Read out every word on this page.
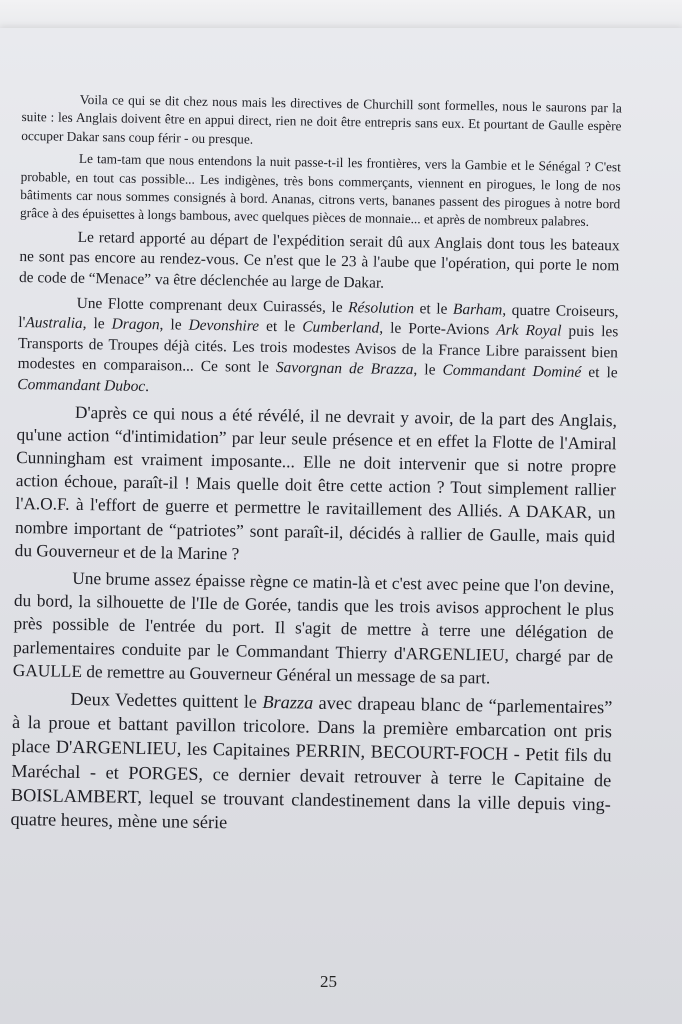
Voila ce qui se dit chez nous mais les directives de Churchill sont formelles, nous le saurons par la suite : les Anglais doivent être en appui direct, rien ne doit être entrepris sans eux. Et pourtant de Gaulle espère occuper Dakar sans coup férir - ou presque.

Le tam-tam que nous entendons la nuit passe-t-il les frontières, vers la Gambie et le Sénégal ? C'est probable, en tout cas possible... Les indigènes, très bons commerçants, viennent en pirogues, le long de nos bâtiments car nous sommes consignés à bord. Ananas, citrons verts, bananes passent des pirogues à notre bord grâce à des épuisettes à longs bambous, avec quelques pièces de monnaie... et après de nombreux palabres.

Le retard apporté au départ de l'expédition serait dû aux Anglais dont tous les bateaux ne sont pas encore au rendez-vous. Ce n'est que le 23 à l'aube que l'opération, qui porte le nom de code de “Menace” va être déclenchée au large de Dakar.

Une Flotte comprenant deux Cuirassés, le Résolution et le Barham, quatre Croiseurs, l'Australia, le Dragon, le Devonshire et le Cumberland, le Porte-Avions Ark Royal puis les Transports de Troupes déjà cités. Les trois modestes Avisos de la France Libre paraissent bien modestes en comparaison... Ce sont le Savorgnan de Brazza, le Commandant Dominé et le Commandant Duboc.

D'après ce qui nous a été révélé, il ne devrait y avoir, de la part des Anglais, qu'une action “d'intimidation” par leur seule présence et en effet la Flotte de l'Amiral Cunningham est vraiment imposante... Elle ne doit intervenir que si notre propre action échoue, paraît-il ! Mais quelle doit être cette action ? Tout simplement rallier l'A.O.F. à l'effort de guerre et permettre le ravitaillement des Alliés. A DAKAR, un nombre important de “patriotes” sont paraît-il, décidés à rallier de Gaulle, mais quid du Gouverneur et de la Marine ?

Une brume assez épaisse règne ce matin-là et c'est avec peine que l'on devine, du bord, la silhouette de l'Ile de Gorée, tandis que les trois avisos approchent le plus près possible de l'entrée du port. Il s'agit de mettre à terre une délégation de parlementaires conduite par le Commandant Thierry d'ARGENLIEU, chargé par de GAULLE de remettre au Gouverneur Général un message de sa part.

Deux Vedettes quittent le Brazza avec drapeau blanc de “parlementaires” à la proue et battant pavillon tricolore. Dans la première embarcation ont pris place D'ARGENLIEU, les Capitaines PERRIN, BECOURT-FOCH - Petit fils du Maréchal - et PORGES, ce dernier devait retrouver à terre le Capitaine de BOISLAMBERT, lequel se trouvant clandestinement dans la ville depuis ving-quatre heures, mène une série

25
